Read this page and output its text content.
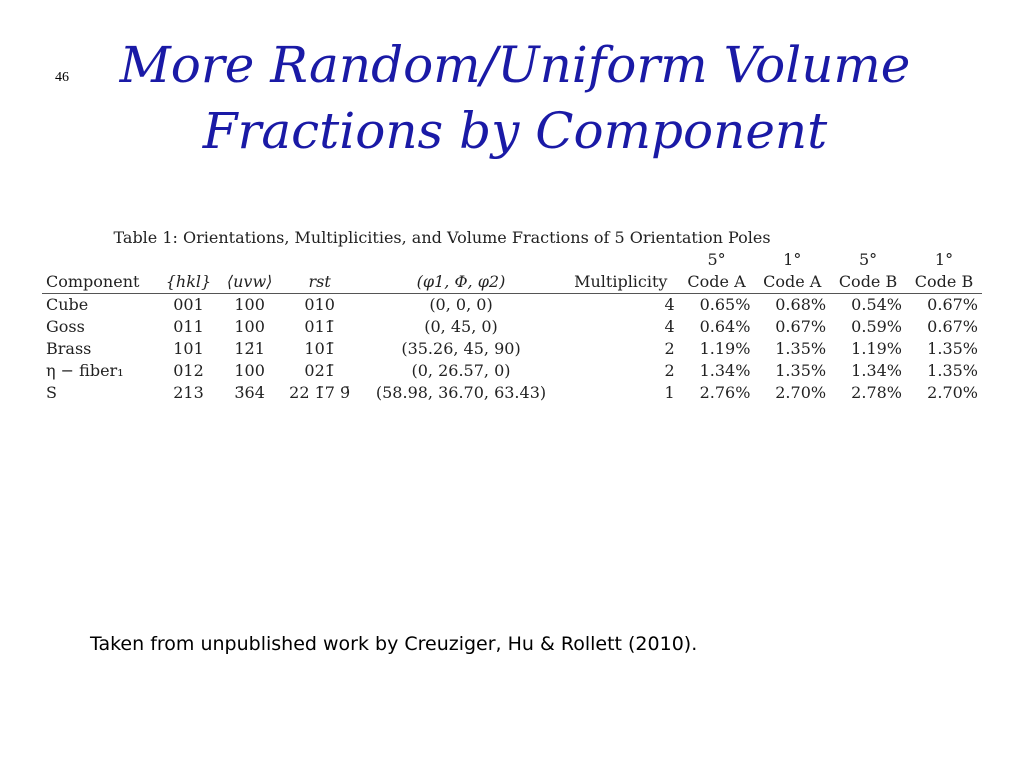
46	More Random/Uniform Volume
Fractions by Component
Table 1: Orientations, Multiplicities, and Volume Fractions of 5 Orientation Poles
						5°	1°	5°	1°
Component	{hkl}	⟨uvw⟩	rst	(φ1, Φ, φ2)	Multiplicity	Code A	Code A	Code B	Code B
Cube	001	100	010	(0, 0, 0)	4	0.65%	0.68%	0.54%	0.67%
Goss	011	100	011̄	(0, 45, 0)	4	0.64%	0.67%	0.59%	0.67%
Brass	101	12̄1	101̄	(35.26, 45, 90)	2	1.19%	1.35%	1.19%	1.35%
η − fiber₁	012	100	021̄	(0, 26.57, 0)	2	1.34%	1.35%	1.34%	1.35%
S	213	3̄64	22 1̄7 9̄	(58.98, 36.70, 63.43)	1	2.76%	2.70%	2.78%	2.70%
Taken from unpublished work by Creuziger, Hu & Rollett (2010).
